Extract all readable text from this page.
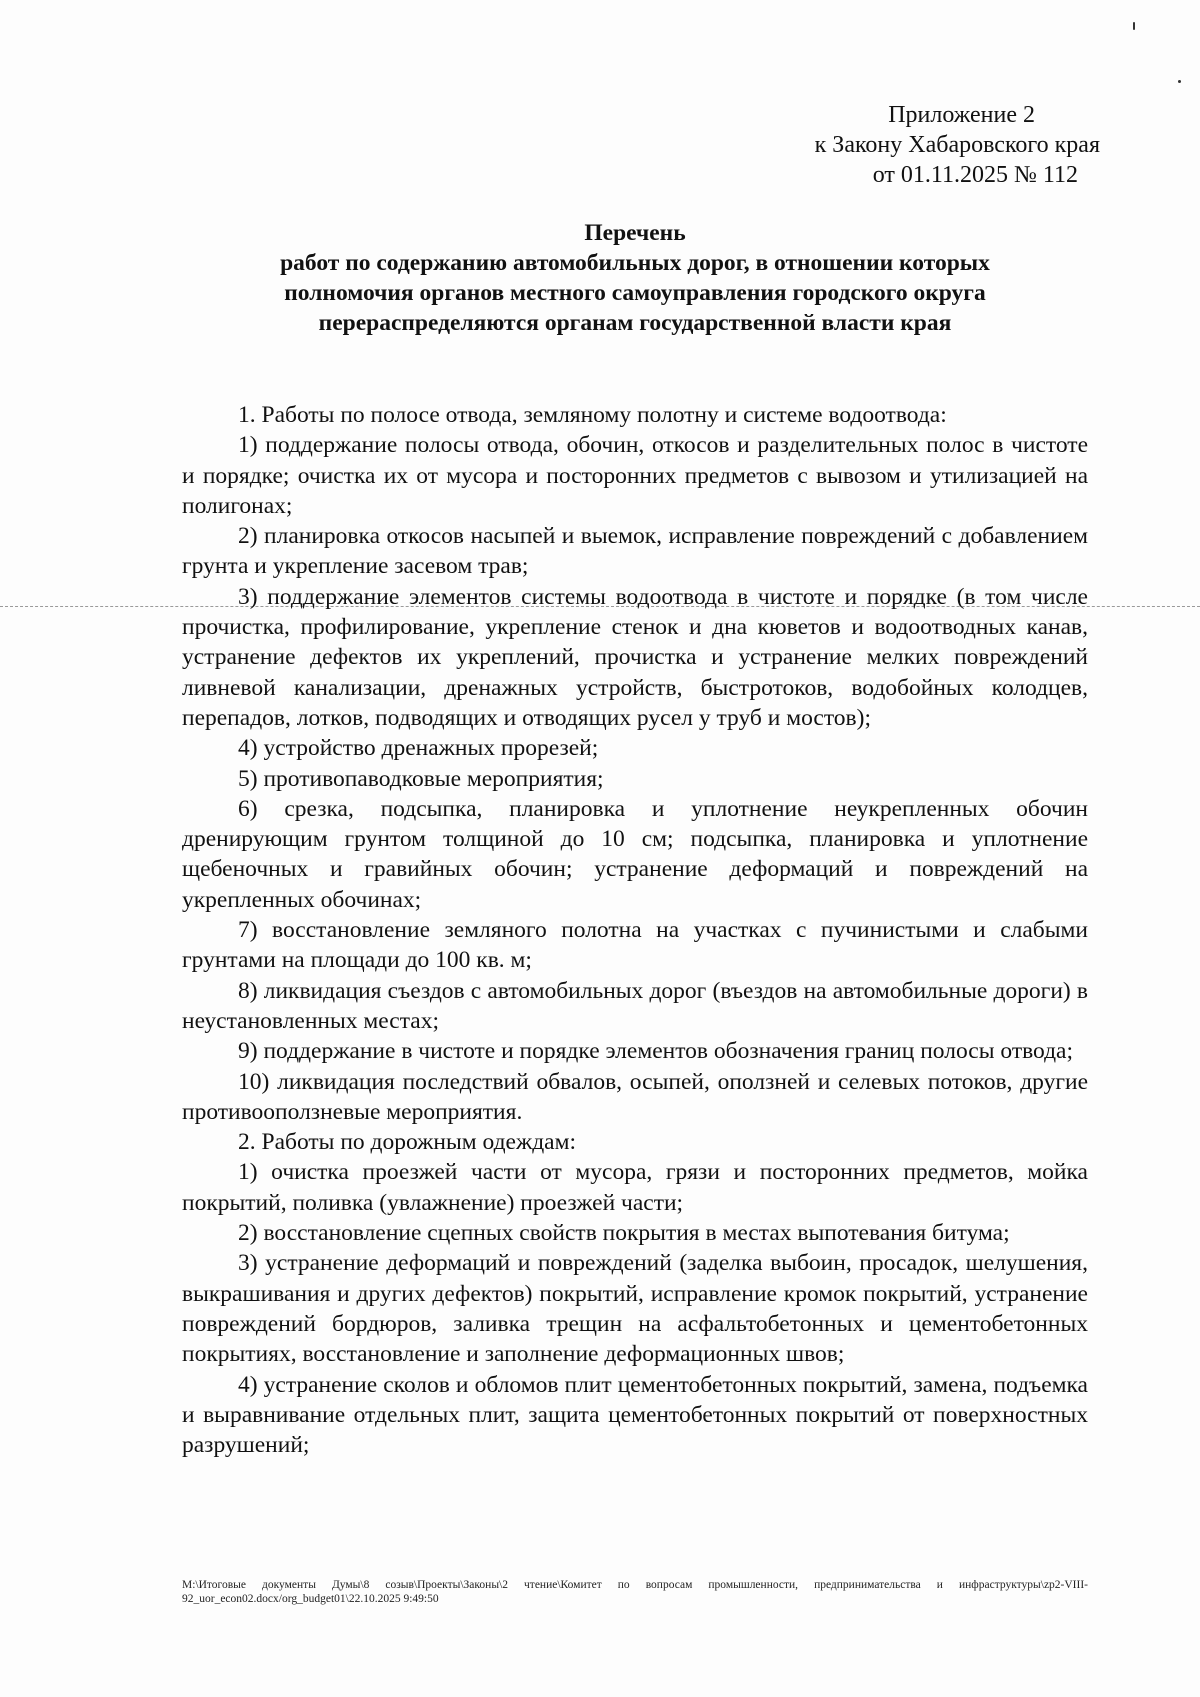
Приложение 2
к Закону Хабаровского края
от 01.11.2025 № 112
Перечень
работ по содержанию автомобильных дорог, в отношении которых
полномочия органов местного самоуправления городского округа
перераспределяются органам государственной власти края

1. Работы по полосе отвода, земляному полотну и системе водоотвода:

1) поддержание полосы отвода, обочин, откосов и разделительных полос в чистоте и порядке; очистка их от мусора и посторонних предметов с вывозом и утилизацией на полигонах;

2) планировка откосов насыпей и выемок, исправление повреждений с добавлением грунта и укрепление засевом трав;

3) поддержание элементов системы водоотвода в чистоте и порядке (в том числе прочистка, профилирование, укрепление стенок и дна кюветов и водоотводных канав, устранение дефектов их укреплений, прочистка и устранение мелких повреждений ливневой канализации, дренажных устройств, быстротоков, водобойных колодцев, перепадов, лотков, подводящих и отводящих русел у труб и мостов);

4) устройство дренажных прорезей;

5) противопаводковые мероприятия;

6) срезка, подсыпка, планировка и уплотнение неукрепленных обочин дренирующим грунтом толщиной до 10 см; подсыпка, планировка и уплотнение щебеночных и гравийных обочин; устранение деформаций и повреждений на укрепленных обочинах;

7) восстановление земляного полотна на участках с пучинистыми и слабыми грунтами на площади до 100 кв. м;

8) ликвидация съездов с автомобильных дорог (въездов на автомобильные дороги) в неустановленных местах;

9) поддержание в чистоте и порядке элементов обозначения границ полосы отвода;

10) ликвидация последствий обвалов, осыпей, оползней и селевых потоков, другие противооползневые мероприятия.

2. Работы по дорожным одеждам:

1) очистка проезжей части от мусора, грязи и посторонних предметов, мойка покрытий, поливка (увлажнение) проезжей части;

2) восстановление сцепных свойств покрытия в местах выпотевания битума;

3) устранение деформаций и повреждений (заделка выбоин, просадок, шелушения, выкрашивания и других дефектов) покрытий, исправление кромок покрытий, устранение повреждений бордюров, заливка трещин на асфальтобетонных и цементобетонных покрытиях, восстановление и заполнение деформационных швов;

4) устранение сколов и обломов плит цементобетонных покрытий, замена, подъемка и выравнивание отдельных плит, защита цементобетонных покрытий от поверхностных разрушений;

М:\Итоговые документы Думы\8 созыв\Проекты\Законы\2 чтение\Комитет по вопросам промышленности, предпринимательства и инфраструктуры\zp2-VIII-92_uor_econ02.docx/org_budget01\22.10.2025 9:49:50
